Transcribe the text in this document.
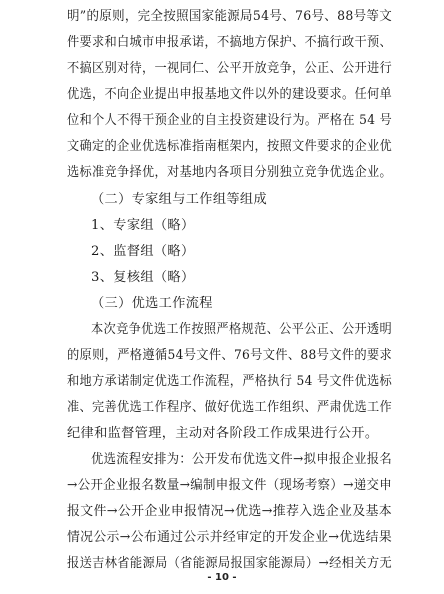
明”的原则，完全按照国家能源局54号、76号、88号等文
件要求和白城市申报承诺，不搞地方保护、不搞行政干预、
不搞区别对待，一视同仁、公平开放竞争，公正、公开进行
优选，不向企业提出申报基地文件以外的建设要求。任何单
位和个人不得干预企业的自主投资建设行为。严格在 54 号
文确定的企业优选标准指南框架内，按照文件要求的企业优
选标准竞争择优，对基地内各项目分别独立竞争优选企业。
（二）专家组与工作组等组成
1、专家组（略）
2、监督组（略）
3、复核组（略）
（三）优选工作流程
本次竞争优选工作按照严格规范、公平公正、公开透明
的原则，严格遵循54号文件、76号文件、88号文件的要求
和地方承诺制定优选工作流程，严格执行 54 号文件优选标
准、完善优选工作程序、做好优选工作组织、严肃优选工作
纪律和监督管理，主动对各阶段工作成果进行公开。
优选流程安排为：公开发布优选文件→拟申报企业报名
→公开企业报名数量→编制申报文件（现场考察）→递交申
报文件→公开企业申报情况→优选→推荐入选企业及基本
情况公示→公布通过公示并经审定的开发企业→优选结果
报送吉林省能源局（省能源局报国家能源局）→经相关方无
- 10 -
